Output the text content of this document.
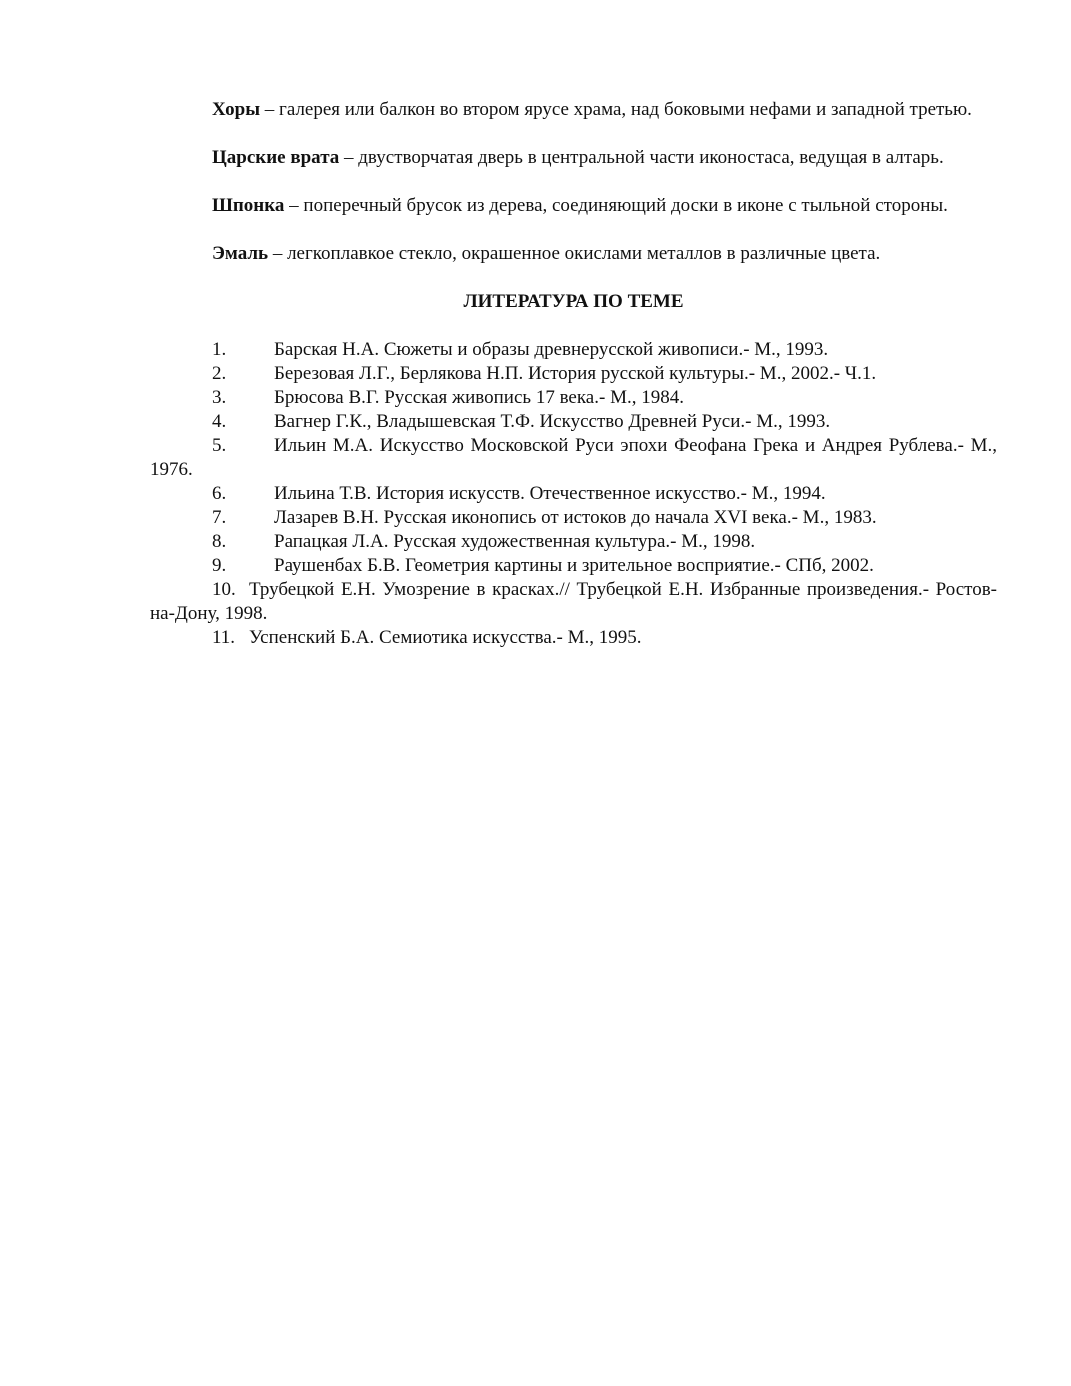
Хоры – галерея или балкон во втором ярусе храма, над боковыми нефами и западной третью.

Царские врата – двустворчатая дверь в центральной части иконостаса, ведущая в алтарь.

Шпонка – поперечный брусок из дерева, соединяющий доски в иконе с тыльной стороны.

Эмаль – легкоплавкое стекло, окрашенное окислами металлов в различные цвета.

ЛИТЕРАТУРА ПО ТЕМЕ
1.	Барская Н.А. Сюжеты и образы древнерусской живописи.- М., 1993.
2.	Березовая Л.Г., Берлякова Н.П. История русской культуры.- М., 2002.- Ч.1.
3.	Брюсова В.Г. Русская живопись 17 века.- М., 1984.
4.	Вагнер Г.К., Владышевская Т.Ф. Искусство Древней Руси.- М., 1993.
5.	Ильин М.А. Искусство Московской Руси эпохи Феофана Грека и Андрея Рублева.- М., 1976.
6.	Ильина Т.В. История искусств. Отечественное искусство.- М., 1994.
7.	Лазарев В.Н. Русская иконопись от истоков до начала XVI века.- М., 1983.
8.	Рапацкая Л.А. Русская художественная культура.- М., 1998.
9.	Раушенбах Б.В. Геометрия картины и зрительное восприятие.- СПб, 2002.
10. Трубецкой Е.Н. Умозрение в красках.// Трубецкой Е.Н. Избранные произведения.- Ростов-на-Дону, 1998.
11. Успенский Б.А. Семиотика искусства.- М., 1995.
